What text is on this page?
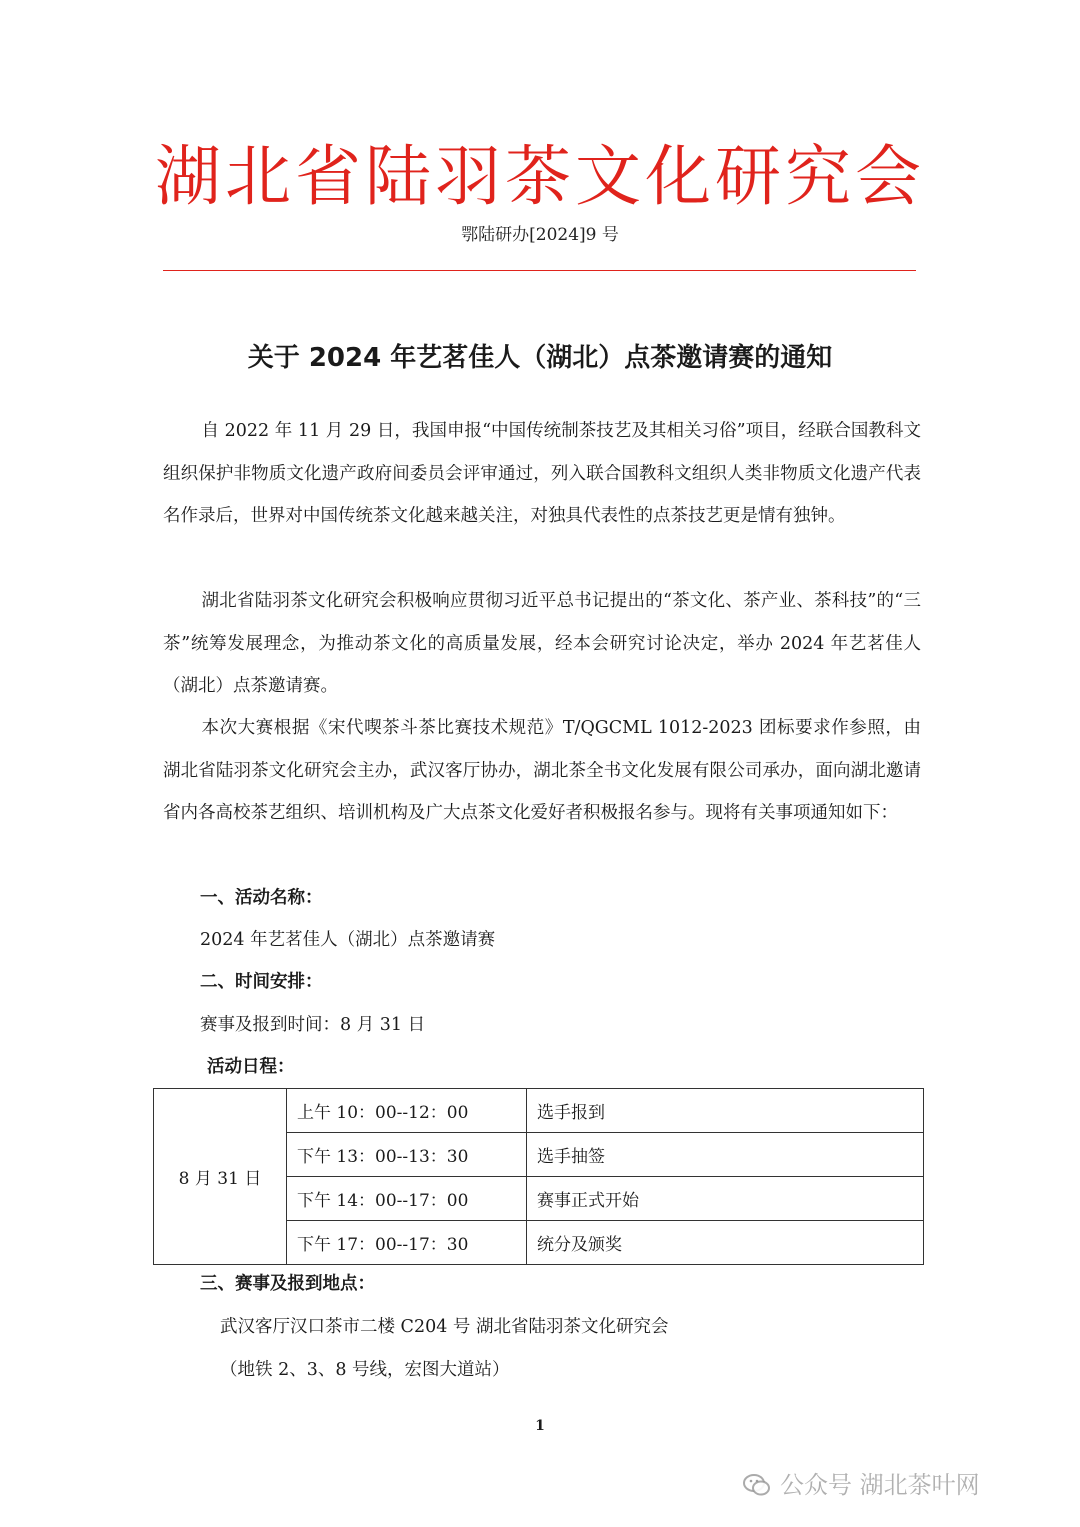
湖北省陆羽茶文化研究会
鄂陆研办[2024]9 号
关于 2024 年艺茗佳人（湖北）点茶邀请赛的通知

自 2022 年 11 月 29 日，我国申报“中国传统制茶技艺及其相关习俗”项目，经联合国教科文组织保护非物质文化遗产政府间委员会评审通过，列入联合国教科文组织人类非物质文化遗产代表名作录后，世界对中国传统茶文化越来越关注，对独具代表性的点茶技艺更是情有独钟。

湖北省陆羽茶文化研究会积极响应贯彻习近平总书记提出的“茶文化、茶产业、茶科技”的“三茶”统筹发展理念，为推动茶文化的高质量发展，经本会研究讨论决定，举办 2024 年艺茗佳人（湖北）点茶邀请赛。

本次大赛根据《宋代喫茶斗茶比赛技术规范》T/QGCML 1012-2023 团标要求作参照，由湖北省陆羽茶文化研究会主办，武汉客厅协办，湖北茶全书文化发展有限公司承办，面向湖北邀请省内各高校茶艺组织、培训机构及广大点茶文化爱好者积极报名参与。现将有关事项通知如下：

一、活动名称：
2024 年艺茗佳人（湖北）点茶邀请赛
二、时间安排：
赛事及报到时间：8 月 31 日
活动日程：
8 月 31 日	上午 10：00--12：00	选手报到
	下午 13：00--13：30	选手抽签
	下午 14：00--17：00	赛事正式开始
	下午 17：00--17：30	统分及颁奖
三、赛事及报到地点：
武汉客厅汉口茶市二楼 C204 号 湖北省陆羽茶文化研究会
（地铁 2、3、8 号线，宏图大道站）
1
公众号 湖北茶叶网
